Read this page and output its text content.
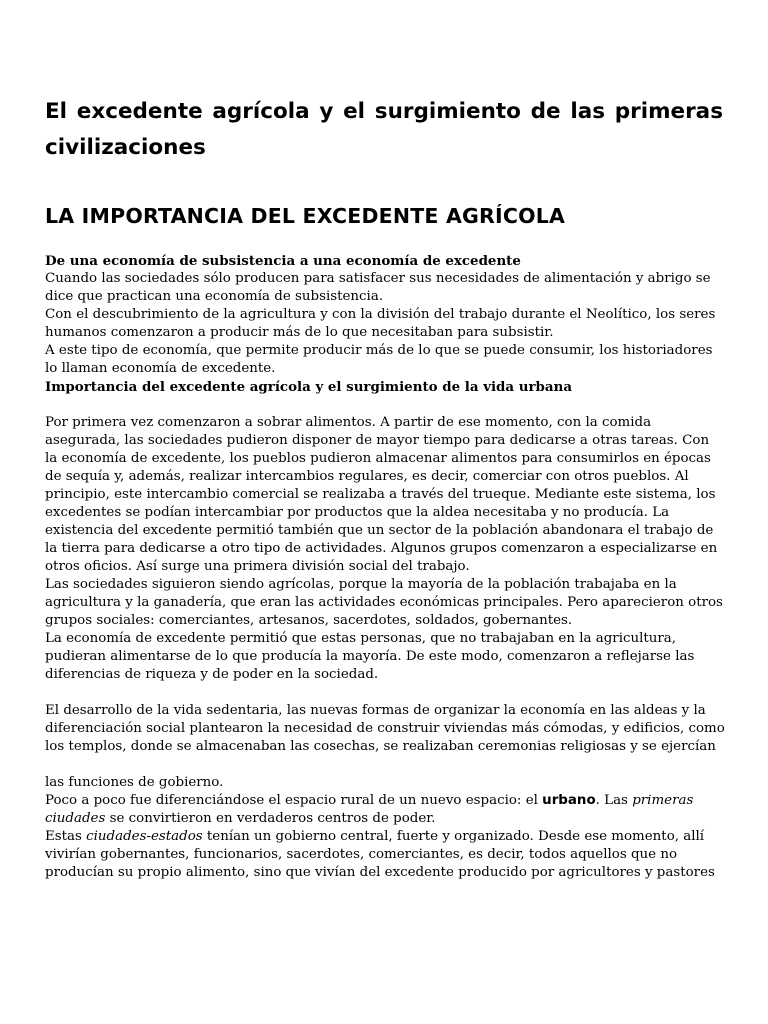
El excedente agrícola y el surgimiento de las primeras civilizaciones
LA IMPORTANCIA DEL EXCEDENTE AGRÍCOLA

De una economía de subsistencia a una economía de excedente

Cuando las sociedades sólo producen para satisfacer sus necesidades de alimentación y abrigo se dice que practican una economía de subsistencia.

Con el descubrimiento de la agricultura y con la división del trabajo durante el Neolítico, los seres humanos comenzaron a producir más de lo que necesitaban para subsistir.

A este tipo de economía, que permite producir más de lo que se puede consumir, los historiadores lo llaman economía de excedente.

Importancia del excedente agrícola y el surgimiento de la vida urbana

Por primera vez comenzaron a sobrar alimentos. A partir de ese momento, con la comida asegurada, las sociedades pudieron disponer de mayor tiempo para dedicarse a otras tareas. Con la economía de excedente, los pueblos pudieron almacenar alimentos para consumirlos en épocas de sequía y, además, realizar intercambios regulares, es decir, comerciar con otros pueblos. Al principio, este intercambio comercial se realizaba a través del trueque. Mediante este sistema, los excedentes se podían intercambiar por productos que la aldea necesitaba y no producía. La existencia del excedente permitió también que un sector de la población abandonara el trabajo de la tierra para dedicarse a otro tipo de actividades. Algunos grupos comenzaron a especializarse en otros oficios. Así surge una primera división social del trabajo.

Las sociedades siguieron siendo agrícolas, porque la mayoría de la población trabajaba en la agricultura y la ganadería, que eran las actividades económicas principales. Pero aparecieron otros grupos sociales: comerciantes, artesanos, sacerdotes, soldados, gobernantes.

La economía de excedente permitió que estas personas, que no trabajaban en la agricultura, pudieran alimentarse de lo que producía la mayoría. De este modo, comenzaron a reflejarse las diferencias de riqueza y de poder en la sociedad.

El desarrollo de la vida sedentaria, las nuevas formas de organizar la economía en las aldeas y la diferenciación social plantearon la necesidad de construir viviendas más cómodas, y edificios, como los templos, donde se almacenaban las cosechas, se realizaban ceremonias religiosas y se ejercían

las funciones de gobierno.

Poco a poco fue diferenciándose el espacio rural de un nuevo espacio: el urbano. Las primeras ciudades se convirtieron en verdaderos centros de poder.

Estas ciudades-estados tenían un gobierno central, fuerte y organizado. Desde ese momento, allí vivirían gobernantes, funcionarios, sacerdotes, comerciantes, es decir, todos aquellos que no producían su propio alimento, sino que vivían del excedente producido por agricultores y pastores
